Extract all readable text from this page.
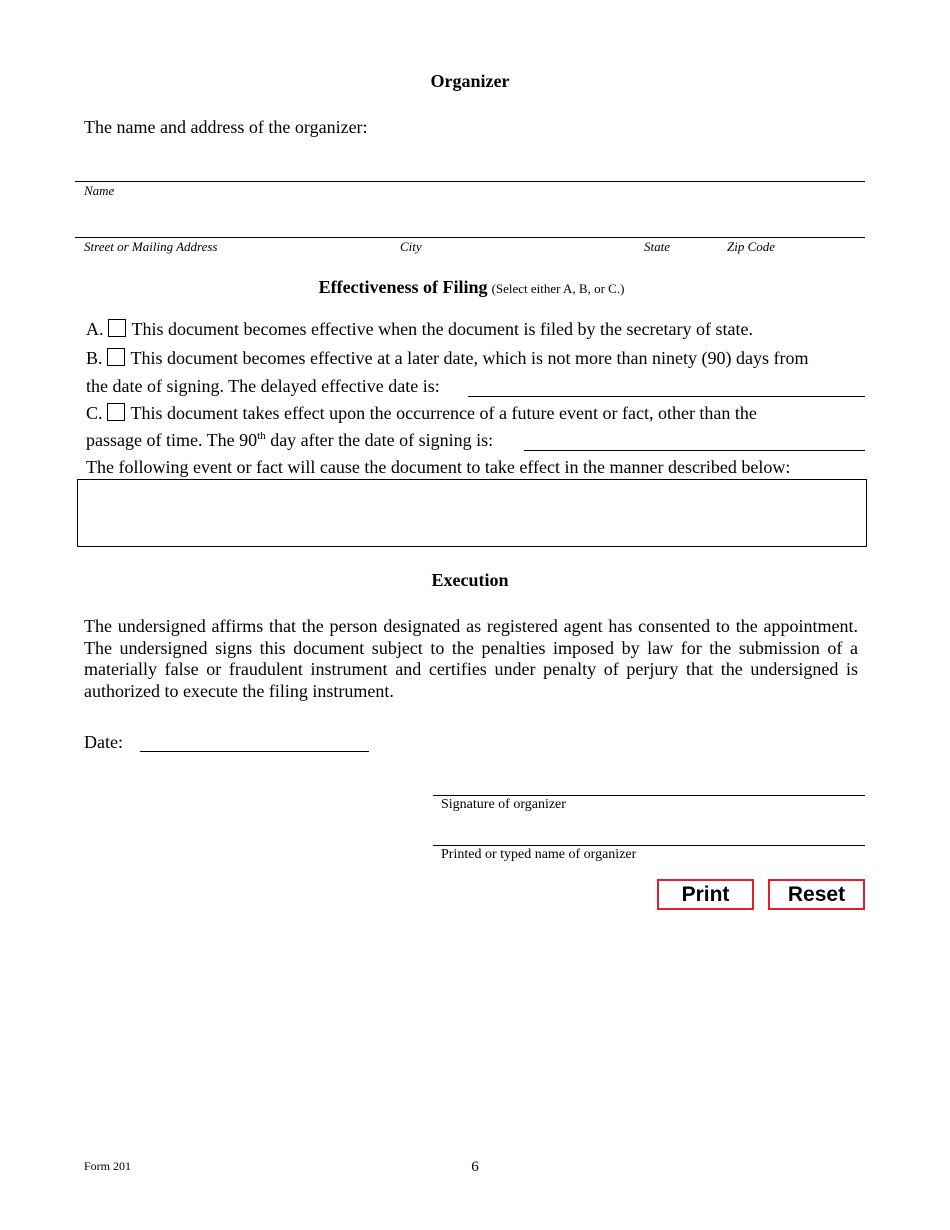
Organizer
The name and address of the organizer:
Name
Street or Mailing Address	City	State	Zip Code
Effectiveness of Filing (Select either A, B, or C.)
A. This document becomes effective when the document is filed by the secretary of state.
B. This document becomes effective at a later date, which is not more than ninety (90) days from
the date of signing. The delayed effective date is:
C. This document takes effect upon the occurrence of a future event or fact, other than the
passage of time. The 90th day after the date of signing is:
The following event or fact will cause the document to take effect in the manner described below:
Execution
The undersigned affirms that the person designated as registered agent has consented to the appointment. The undersigned signs this document subject to the penalties imposed by law for the submission of a materially false or fraudulent instrument and certifies under penalty of perjury that the undersigned is authorized to execute the filing instrument.
Date:
Signature of organizer
Printed or typed name of organizer
Print	Reset
Form 201	6
